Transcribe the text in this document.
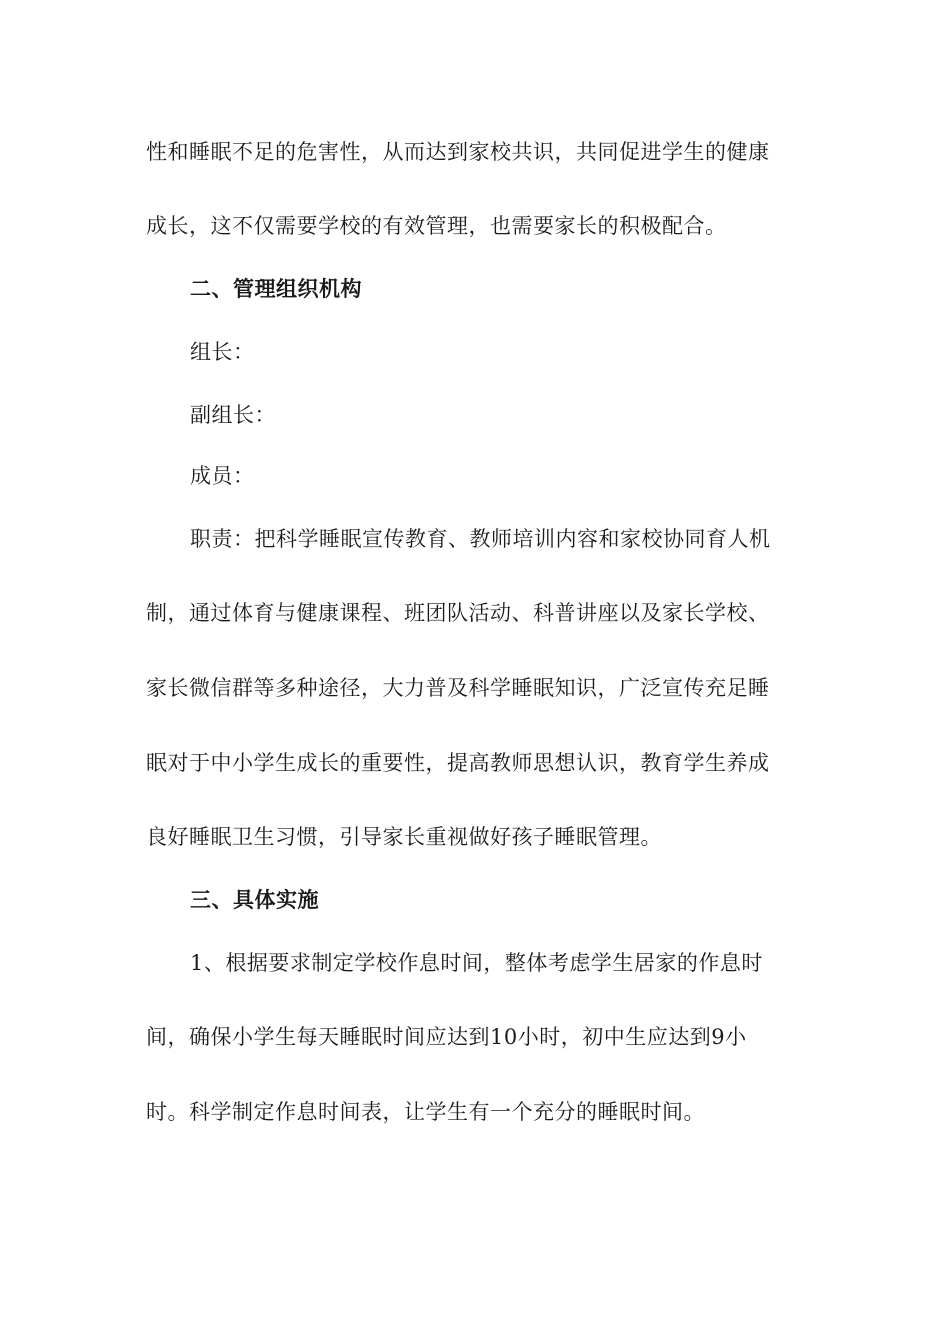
性和睡眠不足的危害性，从而达到家校共识，共同促进学生的健康
成长，这不仅需要学校的有效管理，也需要家长的积极配合。
二、管理组织机构
组长：
副组长：
成员：
职责：把科学睡眠宣传教育、教师培训内容和家校协同育人机
制，通过体育与健康课程、班团队活动、科普讲座以及家长学校、
家长微信群等多种途径，大力普及科学睡眠知识，广泛宣传充足睡
眠对于中小学生成长的重要性，提高教师思想认识，教育学生养成
良好睡眠卫生习惯，引导家长重视做好孩子睡眠管理。
三、具体实施
1、根据要求制定学校作息时间，整体考虑学生居家的作息时
间，确保小学生每天睡眠时间应达到10小时，初中生应达到9小
时。科学制定作息时间表，让学生有一个充分的睡眠时间。
